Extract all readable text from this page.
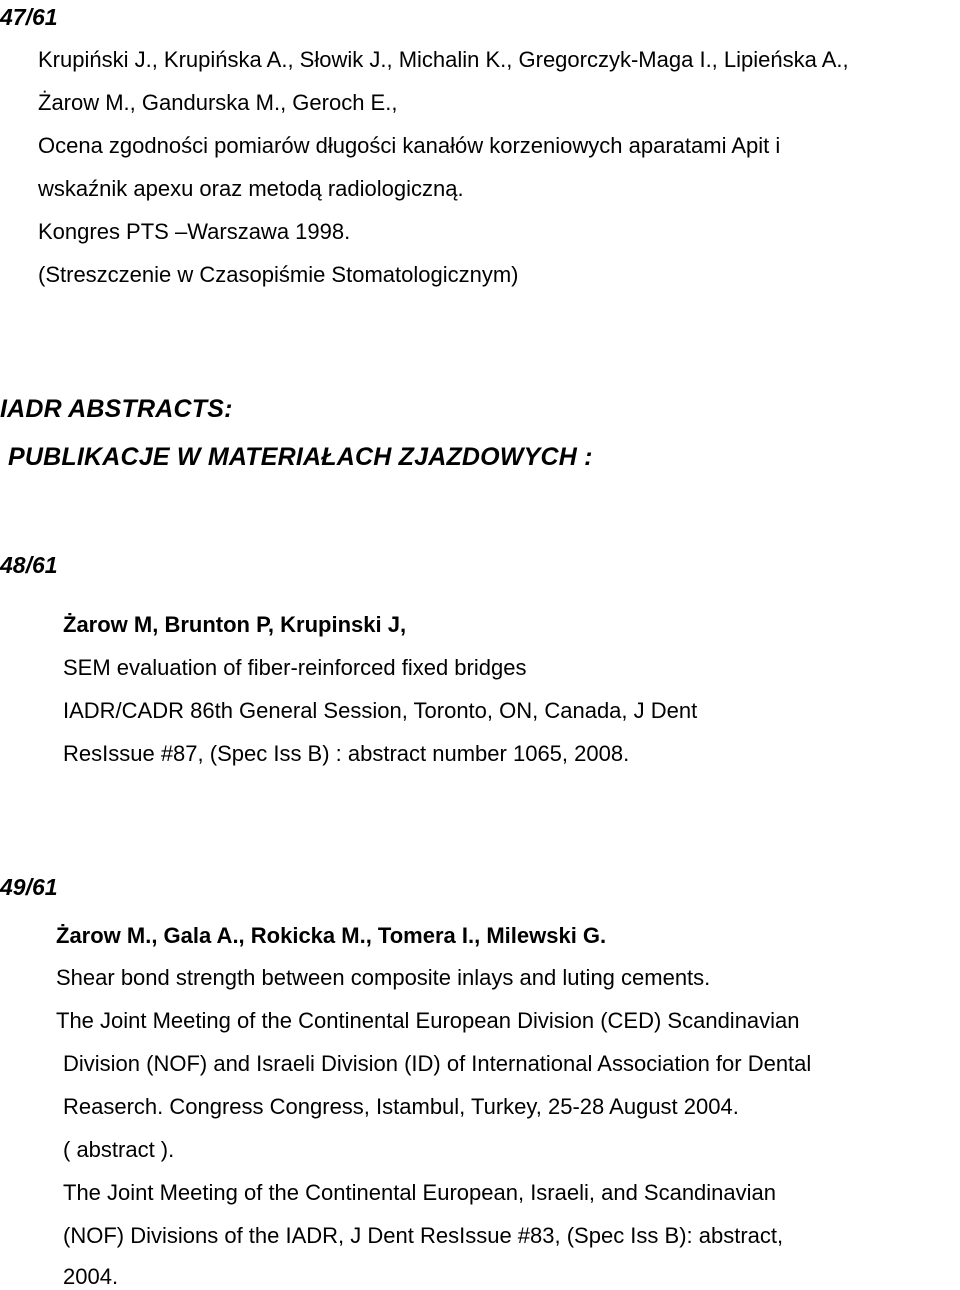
47/61
Krupiński J., Krupińska A., Słowik J., Michalin K., Gregorczyk-Maga I., Lipieńska A.,
Żarow M., Gandurska M., Geroch E.,
Ocena zgodności pomiarów długości kanałów korzeniowych aparatami Apit i
wskaźnik apexu oraz metodą radiologiczną.
Kongres PTS –Warszawa 1998.
(Streszczenie w Czasopiśmie Stomatologicznym)
IADR ABSTRACTS:
PUBLIKACJE W MATERIAŁACH ZJAZDOWYCH :
48/61
Żarow M, Brunton P, Krupinski J,
SEM evaluation of fiber-reinforced fixed bridges
IADR/CADR 86th General Session, Toronto, ON, Canada, J Dent
ResIssue #87, (Spec Iss B) : abstract number 1065, 2008.
49/61
Żarow M., Gala A., Rokicka M., Tomera I., Milewski G.
Shear bond strength between composite inlays and luting cements.
The Joint Meeting of the Continental European Division (CED) Scandinavian
Division (NOF) and Israeli Division (ID) of International Association for Dental
Reaserch. Congress Congress, Istambul, Turkey, 25-28 August 2004.
( abstract ).
The Joint Meeting of the Continental European, Israeli, and Scandinavian
(NOF) Divisions of the IADR, J Dent ResIssue #83, (Spec Iss B): abstract,
2004.
